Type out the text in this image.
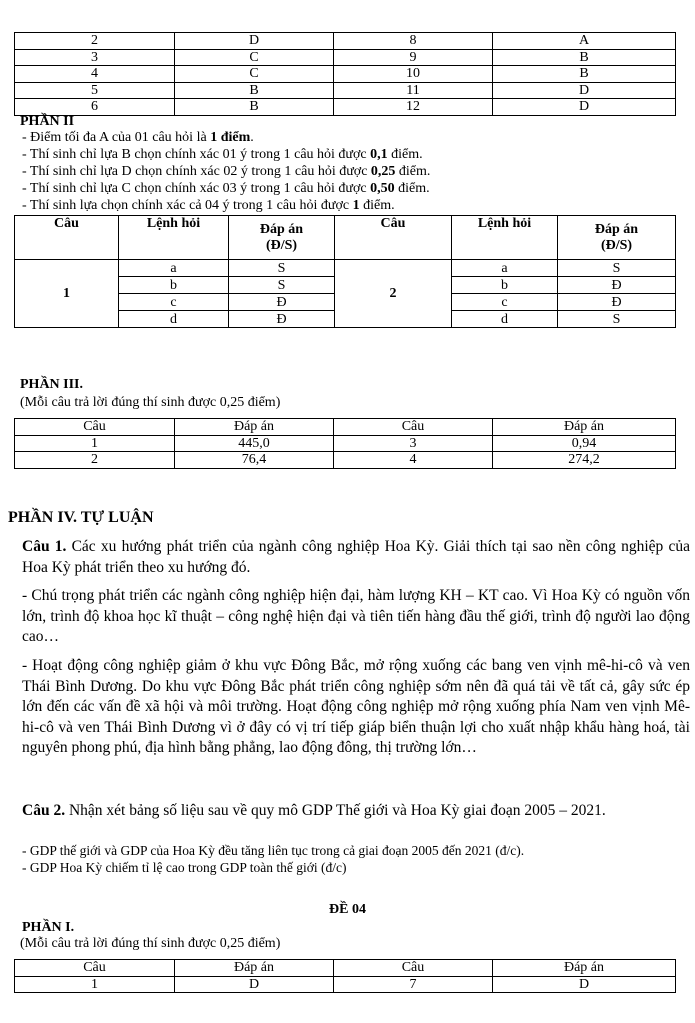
2	D	8	A
3	C	9	B
4	C	10	B
5	B	11	D
6	B	12	D
PHẦN II
- Điểm tối đa A của 01 câu hỏi là 1 điểm.
- Thí sinh chỉ lựa B chọn chính xác 01 ý trong 1 câu hỏi được 0,1 điểm.
- Thí sinh chỉ lựa D chọn chính xác 02 ý trong 1 câu hỏi được 0,25 điểm.
- Thí sinh chỉ lựa C chọn chính xác 03 ý trong 1 câu hỏi được 0,50 điểm.
- Thí sinh lựa chọn chính xác cả 04 ý trong 1 câu hỏi được 1 điểm.
Câu	Lệnh hỏi	Đáp án (Đ/S)	Câu	Lệnh hỏi	Đáp án (Đ/S)
1	a	S	2	a	S
	b	S		b	Đ
	c	Đ		c	Đ
	d	Đ		d	S
PHẦN III.
(Mỗi câu trả lời đúng thí sinh được 0,25 điểm)
Câu	Đáp án	Câu	Đáp án
1	445,0	3	0,94
2	76,4	4	274,2
PHẦN IV. TỰ LUẬN
Câu 1. Các xu hướng phát triển của ngành công nghiệp Hoa Kỳ. Giải thích tại sao nền công nghiệp của Hoa Kỳ phát triển theo xu hướng đó.
- Chú trọng phát triển các ngành công nghiệp hiện đại, hàm lượng KH – KT cao. Vì Hoa Kỳ có nguồn vốn lớn, trình độ khoa học kĩ thuật – công nghệ hiện đại và tiên tiến hàng đầu thế giới, trình độ người lao động cao…
- Hoạt động công nghiệp giảm ở khu vực Đông Bắc, mở rộng xuống các bang ven vịnh mê-hi-cô và ven Thái Bình Dương. Do khu vực Đông Bắc phát triển công nghiệp sớm nên đã quá tải về tất cả, gây sức ép lớn đến các vấn đề xã hội và môi trường. Hoạt động công nghiệp mở rộng xuống phía Nam ven vịnh Mê-hi-cô và ven Thái Bình Dương vì ở đây có vị trí tiếp giáp biển thuận lợi cho xuất nhập khẩu hàng hoá, tài nguyên phong phú, địa hình bằng phẳng, lao động đông, thị trường lớn…
Câu 2. Nhận xét bảng số liệu sau về quy mô GDP Thế giới và Hoa Kỳ giai đoạn 2005 – 2021.
- GDP thế giới và GDP của Hoa Kỳ đều tăng liên tục trong cả giai đoạn 2005 đến 2021 (đ/c).
- GDP Hoa Kỳ chiếm tỉ lệ cao trong GDP toàn thế giới (đ/c)
ĐỀ 04
PHẦN I.
(Mỗi câu trả lời đúng thí sinh được 0,25 điểm)
Câu	Đáp án	Câu	Đáp án
1	D	7	D
